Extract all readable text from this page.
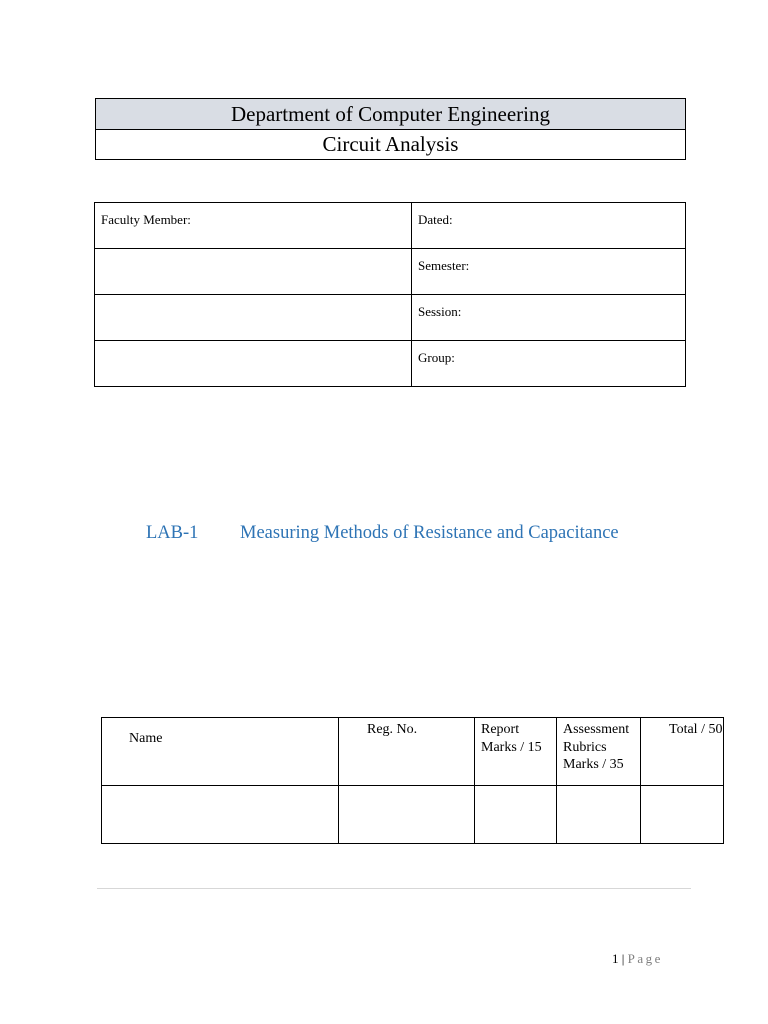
Department of Computer Engineering
Circuit Analysis
Faculty Member:	Dated:
	Semester:
	Session:
	Group:
LAB-1 Measuring Methods of Resistance and Capacitance
Name	Reg. No.	Report Marks / 15	Assessment Rubrics Marks / 35	Total / 50

1 | Page
